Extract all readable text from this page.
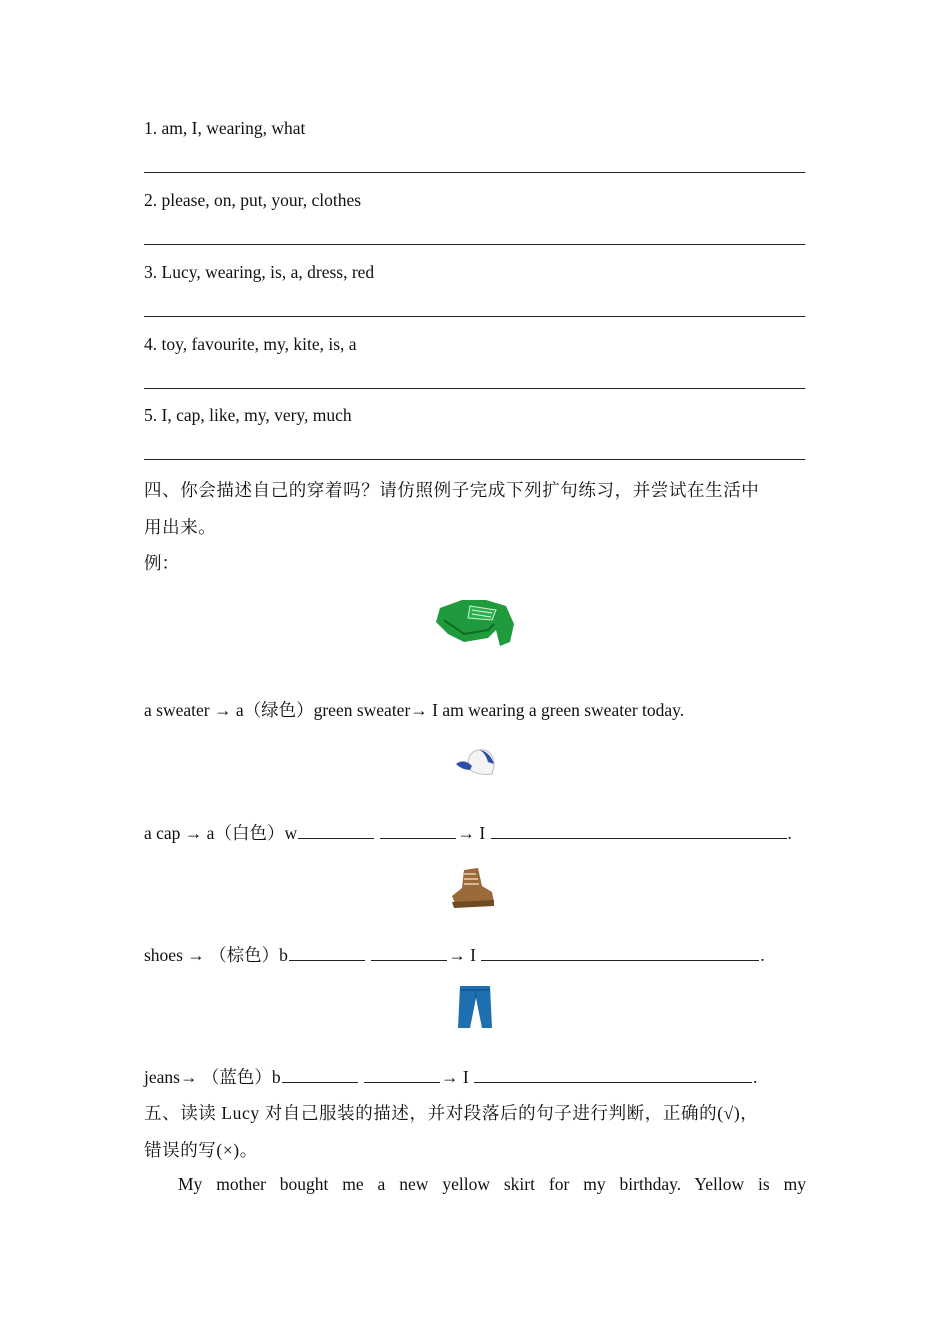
1. am, I, wearing, what
2. please, on, put, your, clothes
3. Lucy, wearing, is, a, dress, red
4. toy, favourite, my, kite, is, a
5. I, cap, like, my, very, much
四、你会描述自己的穿着吗？请仿照例子完成下列扩句练习，并尝试在生活中
用出来。
例：
a sweater → a（绿色）green sweater→ I am wearing a green sweater today.
a cap → a（白色）w	→ I	.
shoes → （棕色）b	→ I	.
jeans→ （蓝色）b	→ I	.
五、读读 Lucy 对自己服装的描述，并对段落后的句子进行判断，正确的(√)，
错误的写(×)。
My mother bought me a new yellow skirt for my birthday. Yellow is my
